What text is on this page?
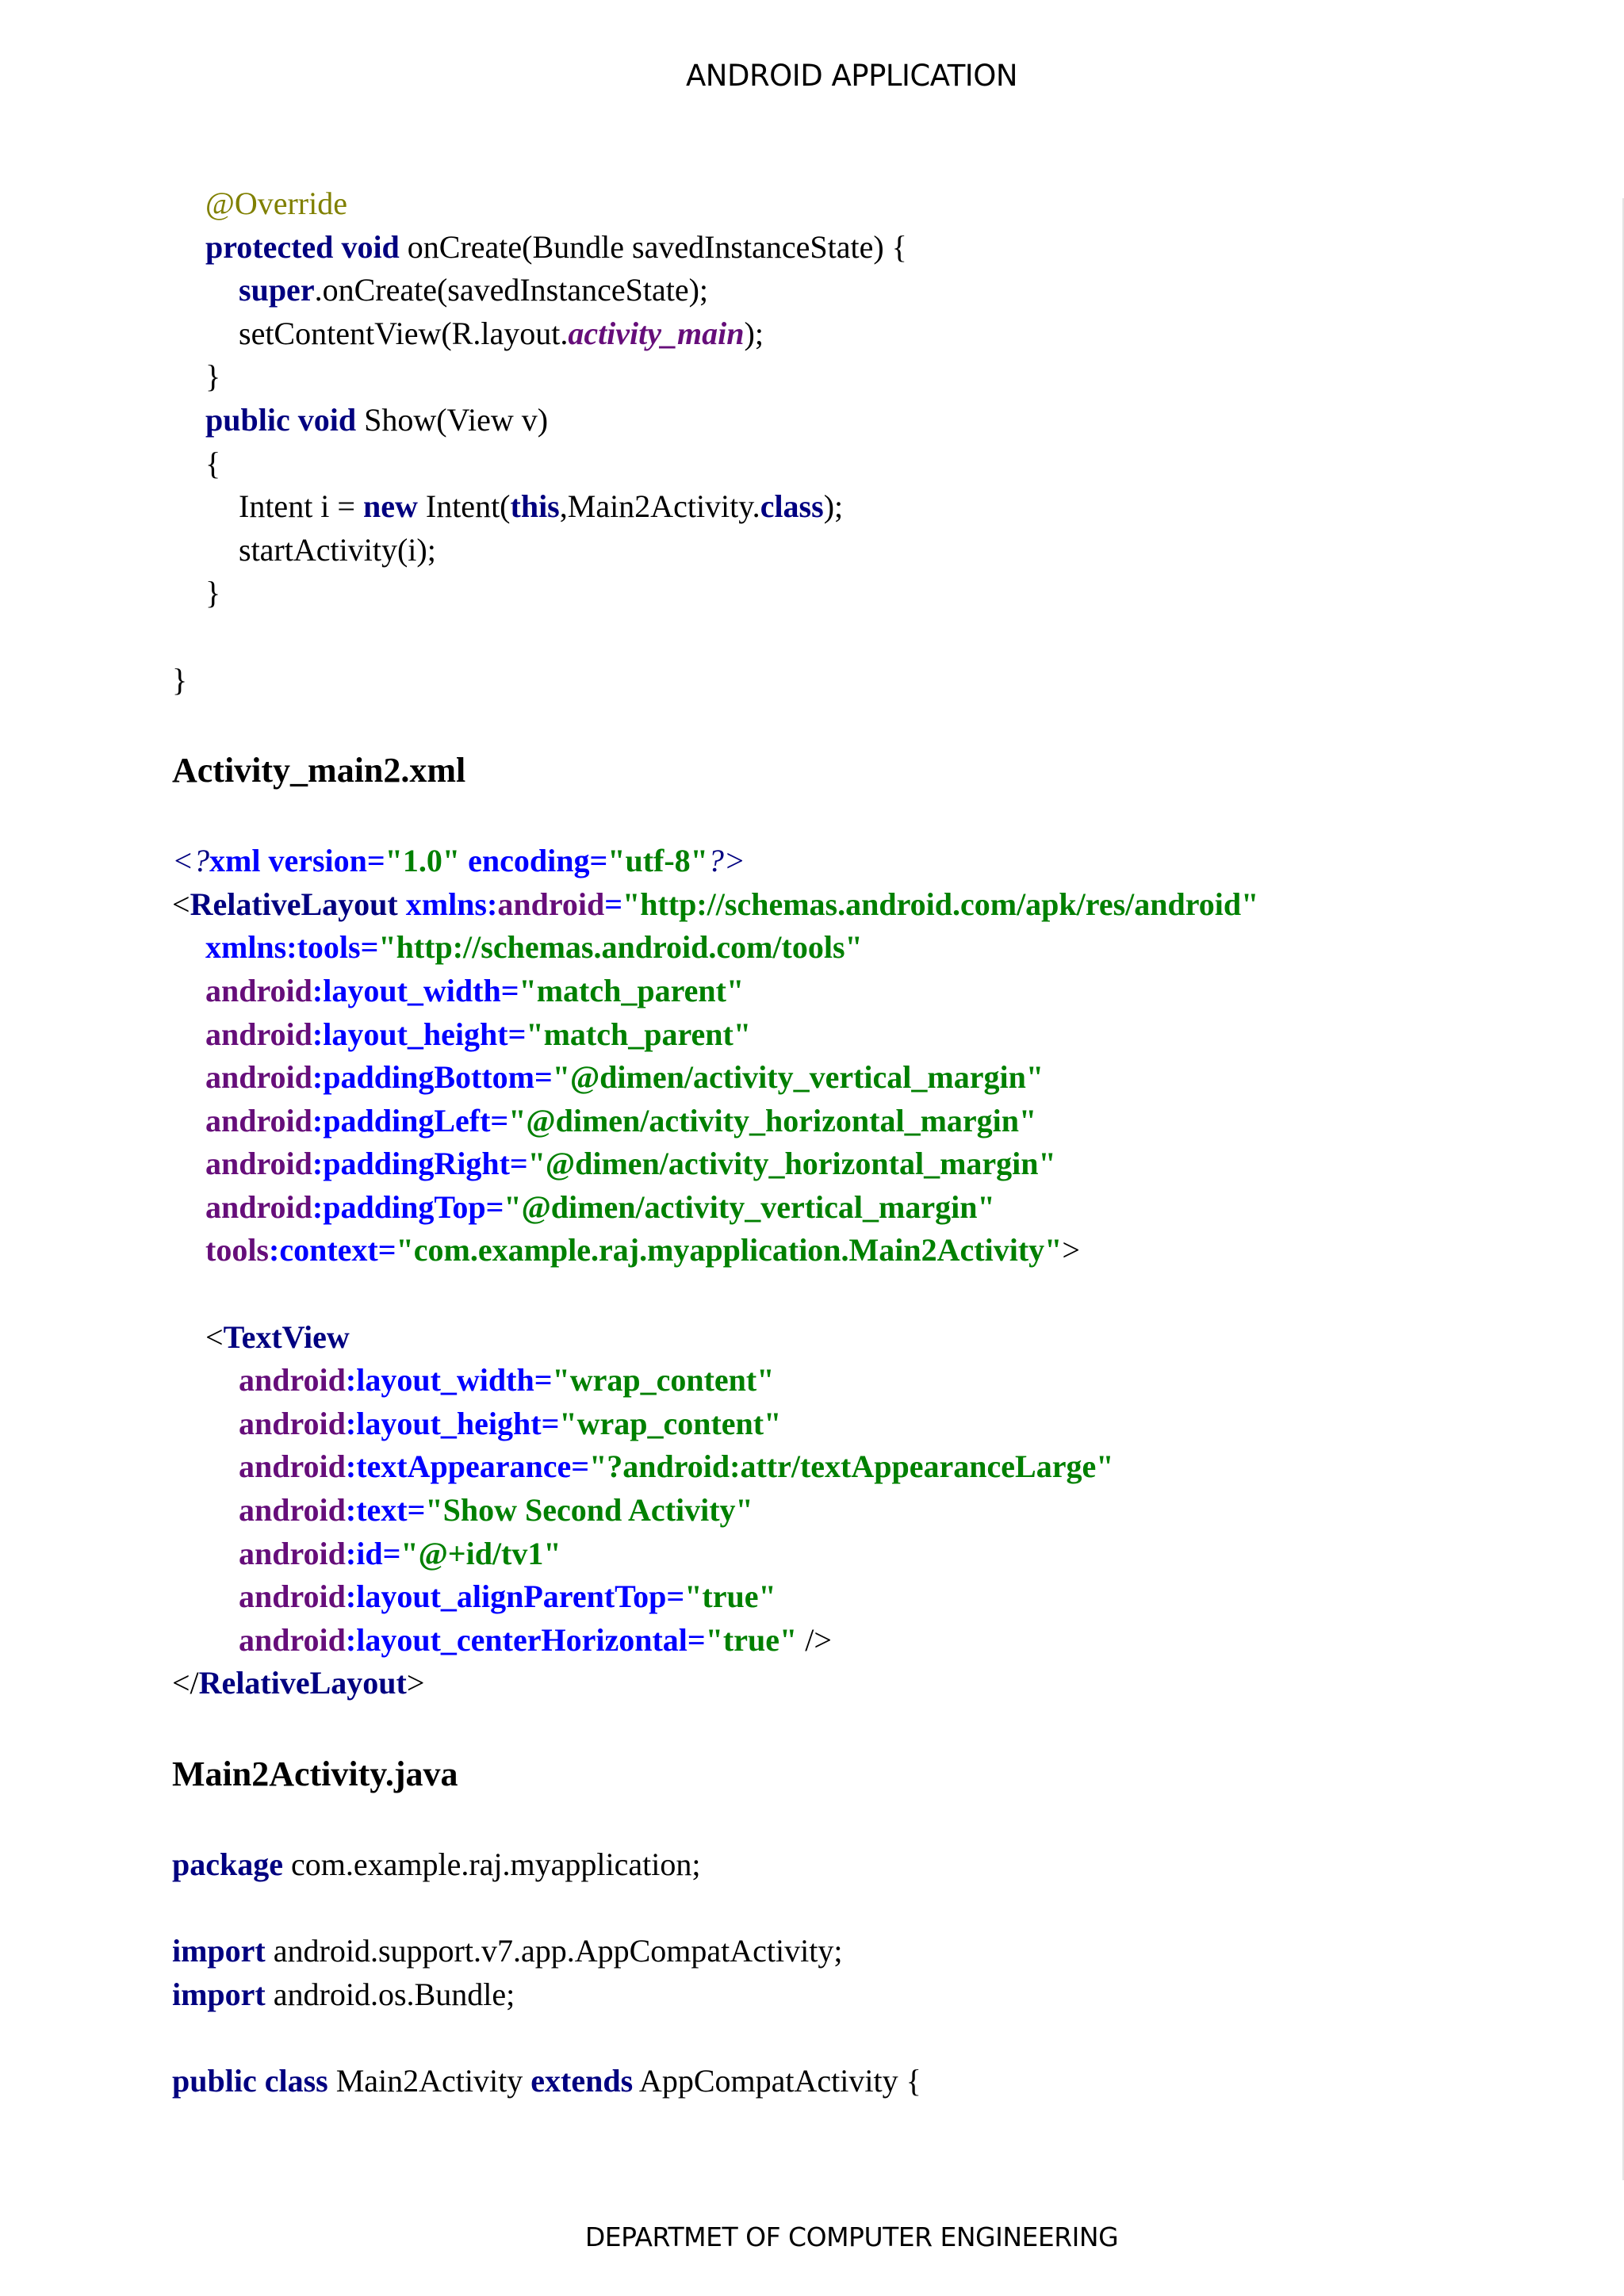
ANDROID APPLICATION
@Override
protected void onCreate(Bundle savedInstanceState) {
super.onCreate(savedInstanceState);
setContentView(R.layout.activity_main);
}
public void Show(View v)
{
Intent i = new Intent(this,Main2Activity.class);
startActivity(i);
}
}
Activity_main2.xml
<?xml version="1.0" encoding="utf-8"?>
<RelativeLayout xmlns:android="http://schemas.android.com/apk/res/android"
xmlns:tools="http://schemas.android.com/tools"
android:layout_width="match_parent"
android:layout_height="match_parent"
android:paddingBottom="@dimen/activity_vertical_margin"
android:paddingLeft="@dimen/activity_horizontal_margin"
android:paddingRight="@dimen/activity_horizontal_margin"
android:paddingTop="@dimen/activity_vertical_margin"
tools:context="com.example.raj.myapplication.Main2Activity">
<TextView
android:layout_width="wrap_content"
android:layout_height="wrap_content"
android:textAppearance="?android:attr/textAppearanceLarge"
android:text="Show Second Activity"
android:id="@+id/tv1"
android:layout_alignParentTop="true"
android:layout_centerHorizontal="true" />
</RelativeLayout>
Main2Activity.java
package com.example.raj.myapplication;
import android.support.v7.app.AppCompatActivity;
import android.os.Bundle;
public class Main2Activity extends AppCompatActivity {
DEPARTMET OF COMPUTER ENGINEERING
